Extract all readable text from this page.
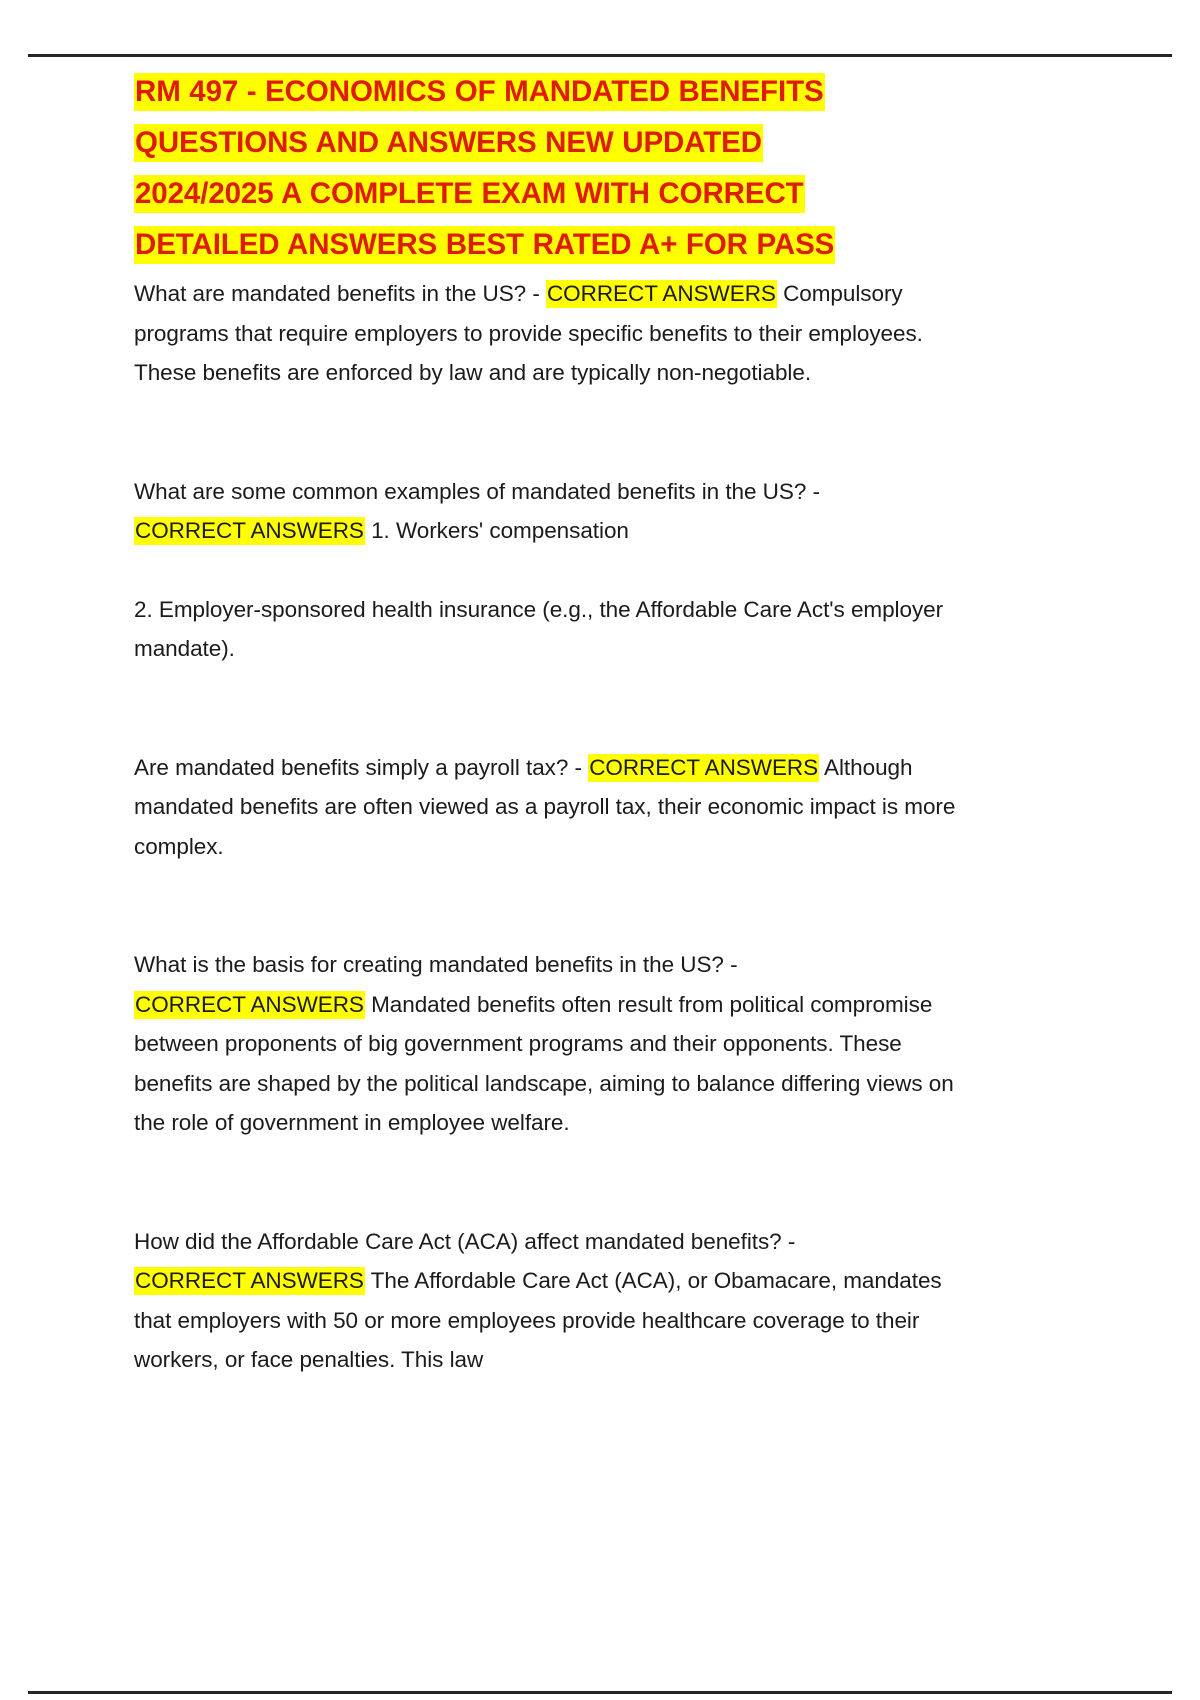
RM 497 - ECONOMICS OF MANDATED BENEFITS
QUESTIONS AND ANSWERS NEW UPDATED
2024/2025 A COMPLETE EXAM WITH CORRECT
DETAILED ANSWERS BEST RATED A+ FOR PASS

What are mandated benefits in the US? - CORRECT ANSWERS Compulsory programs that require employers to provide specific benefits to their employees. These benefits are enforced by law and are typically non-negotiable.

What are some common examples of mandated benefits in the US? - CORRECT ANSWERS 1. Workers' compensation

2. Employer-sponsored health insurance (e.g., the Affordable Care Act's employer mandate).

Are mandated benefits simply a payroll tax? - CORRECT ANSWERS Although mandated benefits are often viewed as a payroll tax, their economic impact is more complex.

What is the basis for creating mandated benefits in the US? - CORRECT ANSWERS Mandated benefits often result from political compromise between proponents of big government programs and their opponents. These benefits are shaped by the political landscape, aiming to balance differing views on the role of government in employee welfare.

How did the Affordable Care Act (ACA) affect mandated benefits? - CORRECT ANSWERS The Affordable Care Act (ACA), or Obamacare, mandates that employers with 50 or more employees provide healthcare coverage to their workers, or face penalties. This law
